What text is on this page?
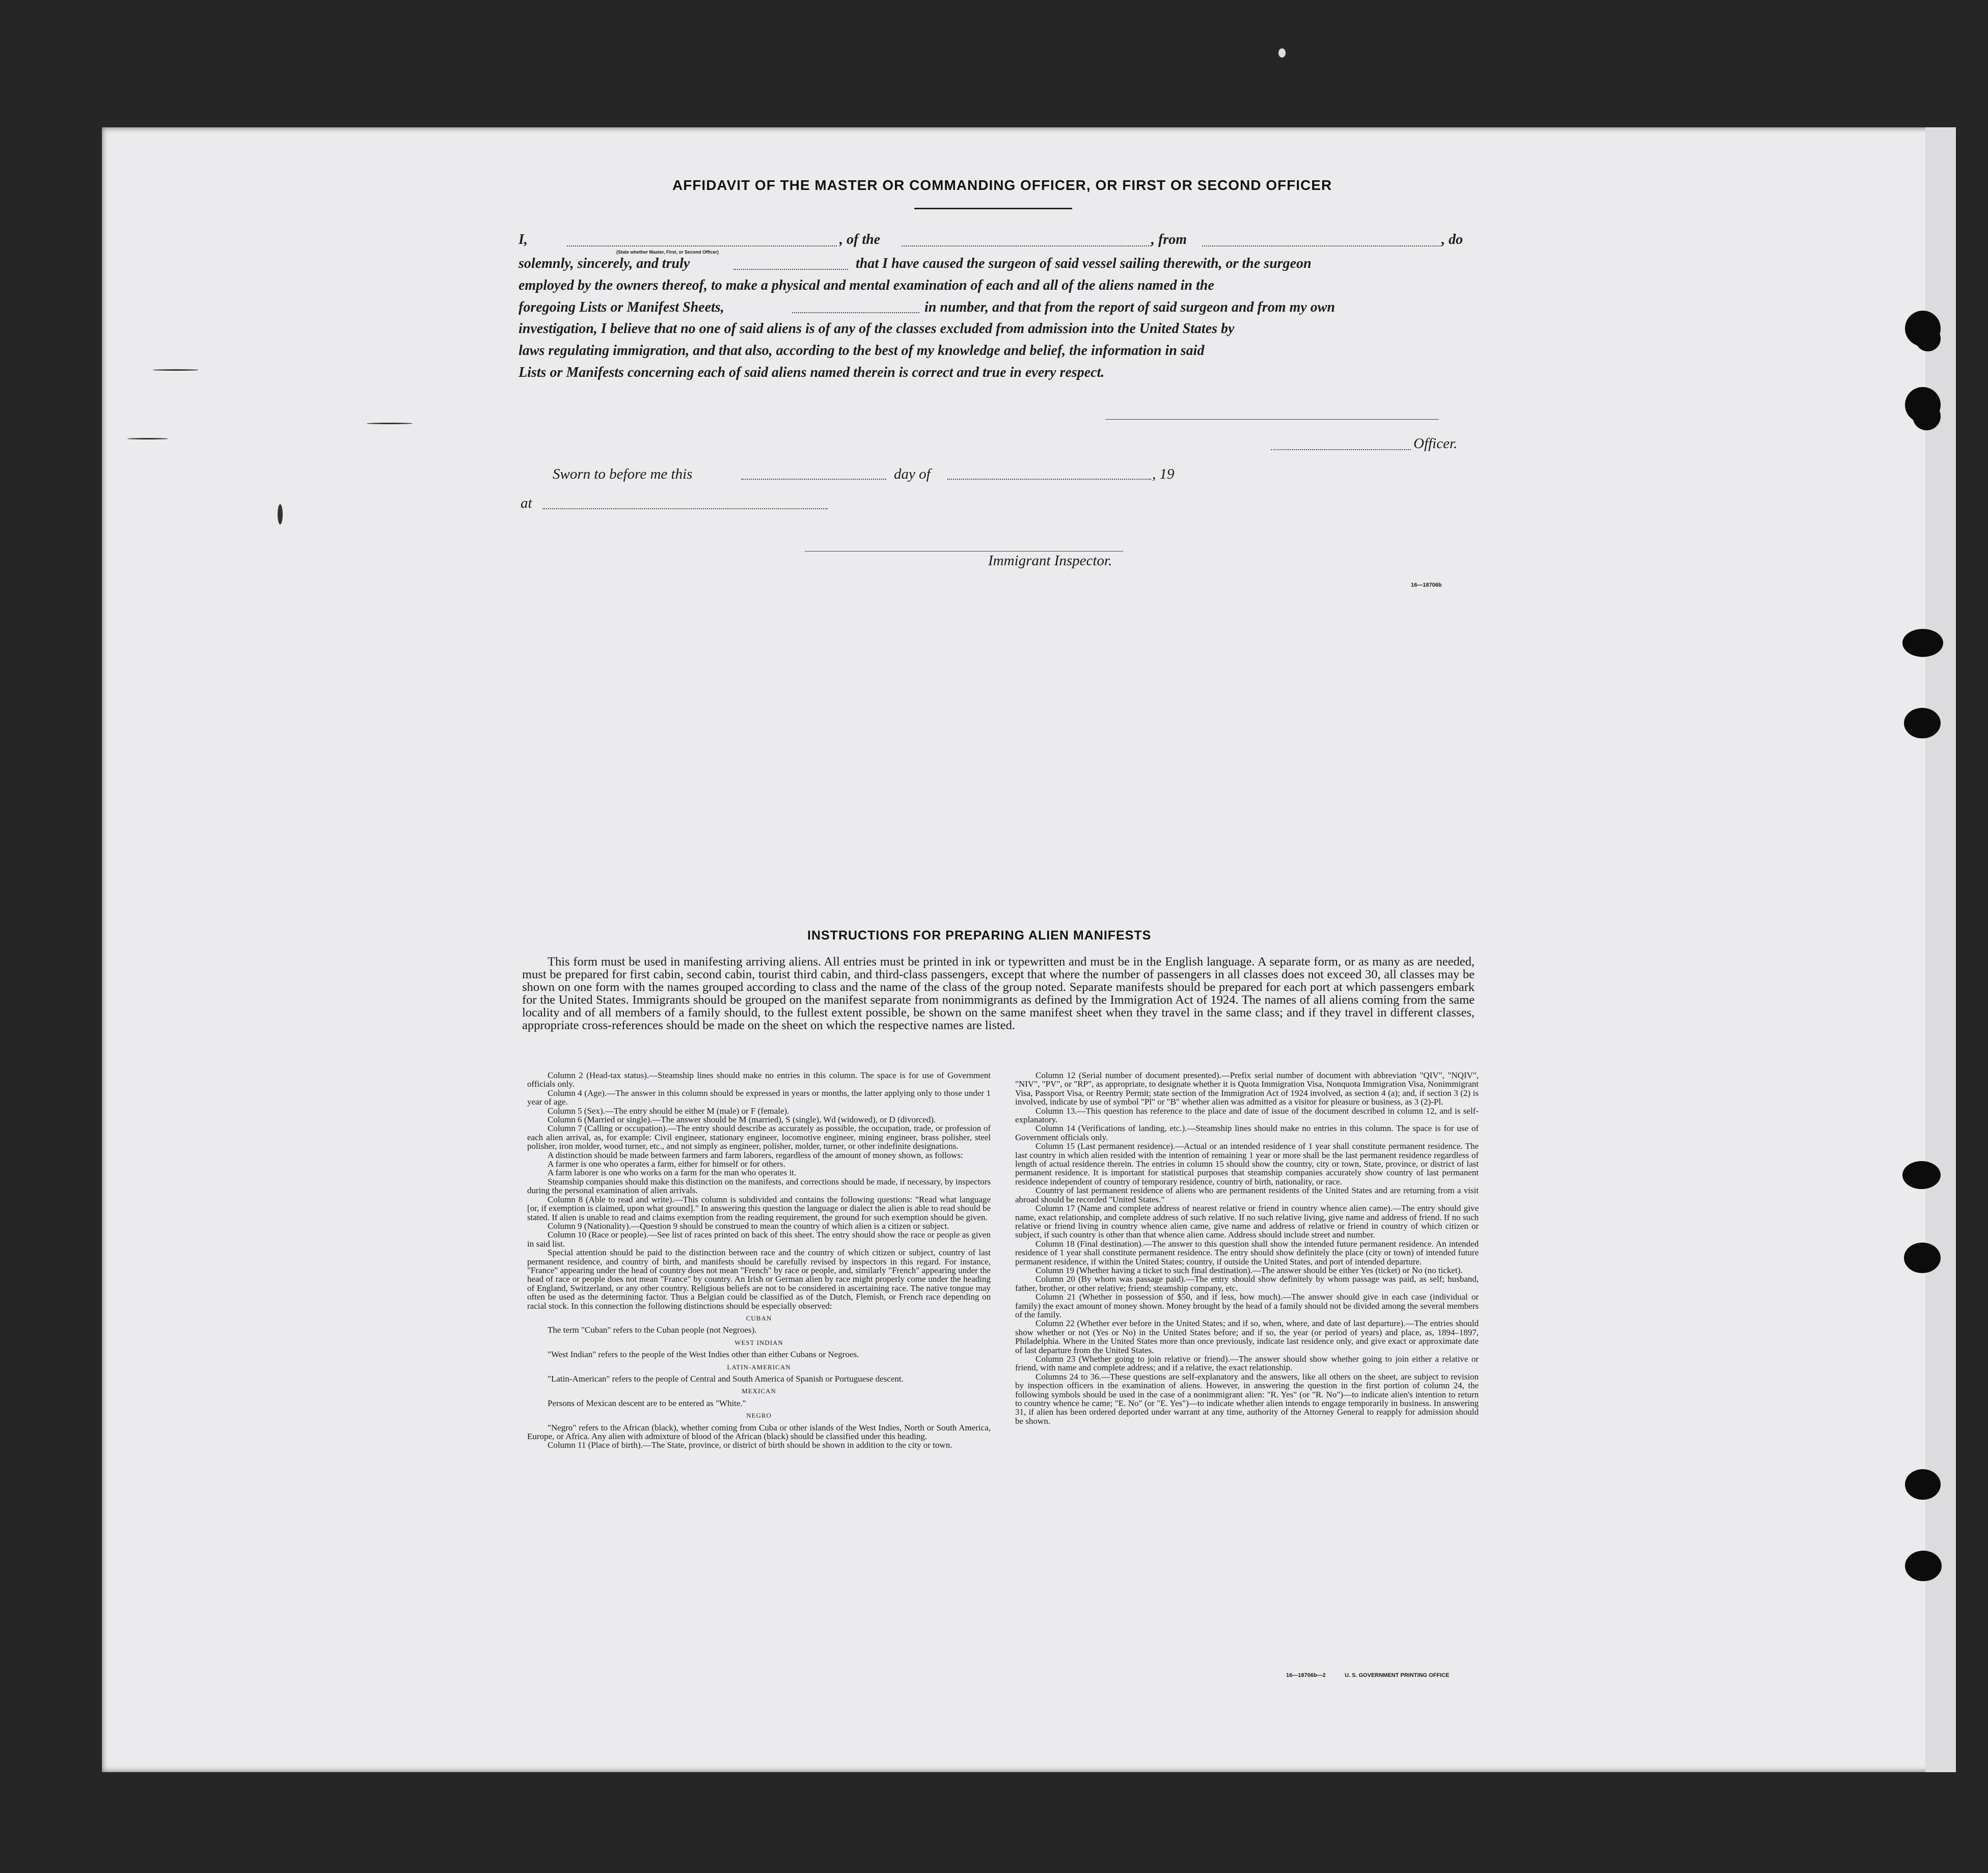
AFFIDAVIT OF THE MASTER OR COMMANDING OFFICER, OR FIRST OR SECOND OFFICER
I,	, of the	, from	, do
(State whether Master, First, or Second Officer)
solemnly, sincerely, and truly	that I have caused the surgeon of said vessel sailing therewith, or the surgeon
employed by the owners thereof, to make a physical and mental examination of each and all of the aliens named in the
foregoing Lists or Manifest Sheets,	in number, and that from the report of said surgeon and from my own
investigation, I believe that no one of said aliens is of any of the classes excluded from admission into the United States by
laws regulating immigration, and that also, according to the best of my knowledge and belief, the information in said
Lists or Manifests concerning each of said aliens named therein is correct and true in every respect.
Officer.
Sworn to before me this	day of	, 19
at
Immigrant Inspector.
16—18706b
INSTRUCTIONS FOR PREPARING ALIEN MANIFESTS
This form must be used in manifesting arriving aliens. All entries must be printed in ink or typewritten and must be in the English language. A separate form, or as many as are needed, must be prepared for first cabin, second cabin, tourist third cabin, and third-class passengers, except that where the number of passengers in all classes does not exceed 30, all classes may be shown on one form with the names grouped according to class and the name of the class of the group noted. Separate manifests should be prepared for each port at which passengers embark for the United States. Immigrants should be grouped on the manifest separate from nonimmigrants as defined by the Immigration Act of 1924. The names of all aliens coming from the same locality and of all members of a family should, to the fullest extent possible, be shown on the same manifest sheet when they travel in the same class; and if they travel in different classes, appropriate cross-references should be made on the sheet on which the respective names are listed.

Column 2 (Head-tax status).—Steamship lines should make no entries in this column. The space is for use of Government officials only.

Column 4 (Age).—The answer in this column should be expressed in years or months, the latter applying only to those under 1 year of age.

Column 5 (Sex).—The entry should be either M (male) or F (female).

Column 6 (Married or single).—The answer should be M (married), S (single), Wd (widowed), or D (divorced).

Column 7 (Calling or occupation).—The entry should describe as accurately as possible, the occupation, trade, or profession of each alien arrival, as, for example: Civil engineer, stationary engineer, locomotive engineer, mining engineer, brass polisher, steel polisher, iron molder, wood turner, etc., and not simply as engineer, polisher, molder, turner, or other indefinite designations.

A distinction should be made between farmers and farm laborers, regardless of the amount of money shown, as follows:

A farmer is one who operates a farm, either for himself or for others.

A farm laborer is one who works on a farm for the man who operates it.

Steamship companies should make this distinction on the manifests, and corrections should be made, if necessary, by inspectors during the personal examination of alien arrivals.

Column 8 (Able to read and write).—This column is subdivided and contains the following questions: "Read what language [or, if exemption is claimed, upon what ground]." In answering this question the language or dialect the alien is able to read should be stated. If alien is unable to read and claims exemption from the reading requirement, the ground for such exemption should be given.

Column 9 (Nationality).—Question 9 should be construed to mean the country of which alien is a citizen or subject.

Column 10 (Race or people).—See list of races printed on back of this sheet. The entry should show the race or people as given in said list.

Special attention should be paid to the distinction between race and the country of which citizen or subject, country of last permanent residence, and country of birth, and manifests should be carefully revised by inspectors in this regard. For instance, "France" appearing under the head of country does not mean "French" by race or people, and, similarly "French" appearing under the head of race or people does not mean "France" by country. An Irish or German alien by race might properly come under the heading of England, Switzerland, or any other country. Religious beliefs are not to be considered in ascertaining race. The native tongue may often be used as the determining factor. Thus a Belgian could be classified as of the Dutch, Flemish, or French race depending on racial stock. In this connection the following distinctions should be especially observed:

CUBAN

The term "Cuban" refers to the Cuban people (not Negroes).

WEST INDIAN

"West Indian" refers to the people of the West Indies other than either Cubans or Negroes.

LATIN-AMERICAN

"Latin-American" refers to the people of Central and South America of Spanish or Portuguese descent.

MEXICAN

Persons of Mexican descent are to be entered as "White."

NEGRO

"Negro" refers to the African (black), whether coming from Cuba or other islands of the West Indies, North or South America, Europe, or Africa. Any alien with admixture of blood of the African (black) should be classified under this heading.

Column 11 (Place of birth).—The State, province, or district of birth should be shown in addition to the city or town.

Column 12 (Serial number of document presented).—Prefix serial number of document with abbreviation "QIV", "NQIV", "NIV", "PV", or "RP", as appropriate, to designate whether it is Quota Immigration Visa, Nonquota Immigration Visa, Nonimmigrant Visa, Passport Visa, or Reentry Permit; state section of the Immigration Act of 1924 involved, as section 4 (a); and, if section 3 (2) is involved, indicate by use of symbol "Pl" or "B" whether alien was admitted as a visitor for pleasure or business, as 3 (2)-Pl.

Column 13.—This question has reference to the place and date of issue of the document described in column 12, and is self-explanatory.

Column 14 (Verifications of landing, etc.).—Steamship lines should make no entries in this column. The space is for use of Government officials only.

Column 15 (Last permanent residence).—Actual or an intended residence of 1 year shall constitute permanent residence. The last country in which alien resided with the intention of remaining 1 year or more shall be the last permanent residence regardless of length of actual residence therein. The entries in column 15 should show the country, city or town, State, province, or district of last permanent residence. It is important for statistical purposes that steamship companies accurately show country of last permanent residence independent of country of temporary residence, country of birth, nationality, or race.

Country of last permanent residence of aliens who are permanent residents of the United States and are returning from a visit abroad should be recorded "United States."

Column 17 (Name and complete address of nearest relative or friend in country whence alien came).—The entry should give name, exact relationship, and complete address of such relative. If no such relative living, give name and address of friend. If no such relative or friend living in country whence alien came, give name and address of relative or friend in country of which citizen or subject, if such country is other than that whence alien came. Address should include street and number.

Column 18 (Final destination).—The answer to this question shall show the intended future permanent residence. An intended residence of 1 year shall constitute permanent residence. The entry should show definitely the place (city or town) of intended future permanent residence, if within the United States; country, if outside the United States, and port of intended departure.

Column 19 (Whether having a ticket to such final destination).—The answer should be either Yes (ticket) or No (no ticket).

Column 20 (By whom was passage paid).—The entry should show definitely by whom passage was paid, as self; husband, father, brother, or other relative; friend; steamship company, etc.

Column 21 (Whether in possession of $50, and if less, how much).—The answer should give in each case (individual or family) the exact amount of money shown. Money brought by the head of a family should not be divided among the several members of the family.

Column 22 (Whether ever before in the United States; and if so, when, where, and date of last departure).—The entries should show whether or not (Yes or No) in the United States before; and if so, the year (or period of years) and place, as, 1894–1897, Philadelphia. Where in the United States more than once previously, indicate last residence only, and give exact or approximate date of last departure from the United States.

Column 23 (Whether going to join relative or friend).—The answer should show whether going to join either a relative or friend, with name and complete address; and if a relative, the exact relationship.

Columns 24 to 36.—These questions are self-explanatory and the answers, like all others on the sheet, are subject to revision by inspection officers in the examination of aliens. However, in answering the question in the first portion of column 24, the following symbols should be used in the case of a nonimmigrant alien: "R. Yes" (or "R. No")—to indicate alien's intention to return to country whence he came; "E. No" (or "E. Yes")—to indicate whether alien intends to engage temporarily in business. In answering 31, if alien has been ordered deported under warrant at any time, authority of the Attorney General to reapply for admission should be shown.

16—18706b—2	U. S. GOVERNMENT PRINTING OFFICE
